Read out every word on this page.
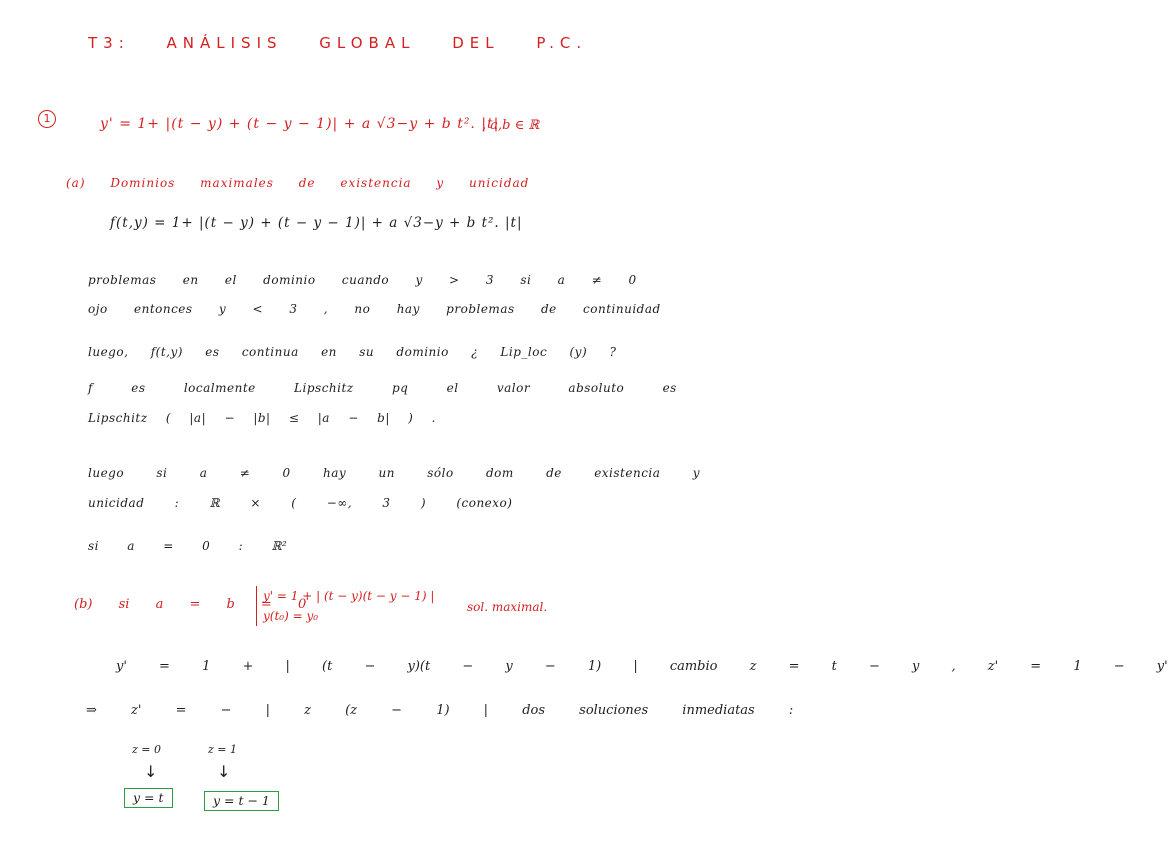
T3: ANÁLISIS GLOBAL DEL P.C.
1	y' = 1+ |(t − y) + (t − y − 1)| + a √3−y + b t². |t|
, a,b ∈ ℝ
(a) Dominios maximales de existencia y unicidad
f(t,y) = 1+ |(t − y) + (t − y − 1)| + a √3−y + b t². |t|
problemas en el dominio cuando y > 3 si a ≠ 0
ojo entonces y < 3 , no hay problemas de continuidad
luego, f(t,y) es continua en su dominio ¿ Lip_loc (y) ?
f es localmente Lipschitz pq el valor absoluto es
Lipschitz ( |a| − |b| ≤ |a − b| ) .
luego si a ≠ 0 hay un sólo dom de existencia y
unicidad : ℝ × ( −∞, 3 ) (conexo)
si a = 0 : ℝ²
(b) si a = b = 0
y' = 1 + | (t − y)(t − y − 1) |
y(t₀) = y₀
sol. maximal.
y' = 1 + | (t − y)(t − y − 1) | cambio z = t − y , z' = 1 − y'
⇒ z' = − | z (z − 1) | dos soluciones inmediatas :
z = 0	z = 1
↓	↓
y = t	y = t − 1
